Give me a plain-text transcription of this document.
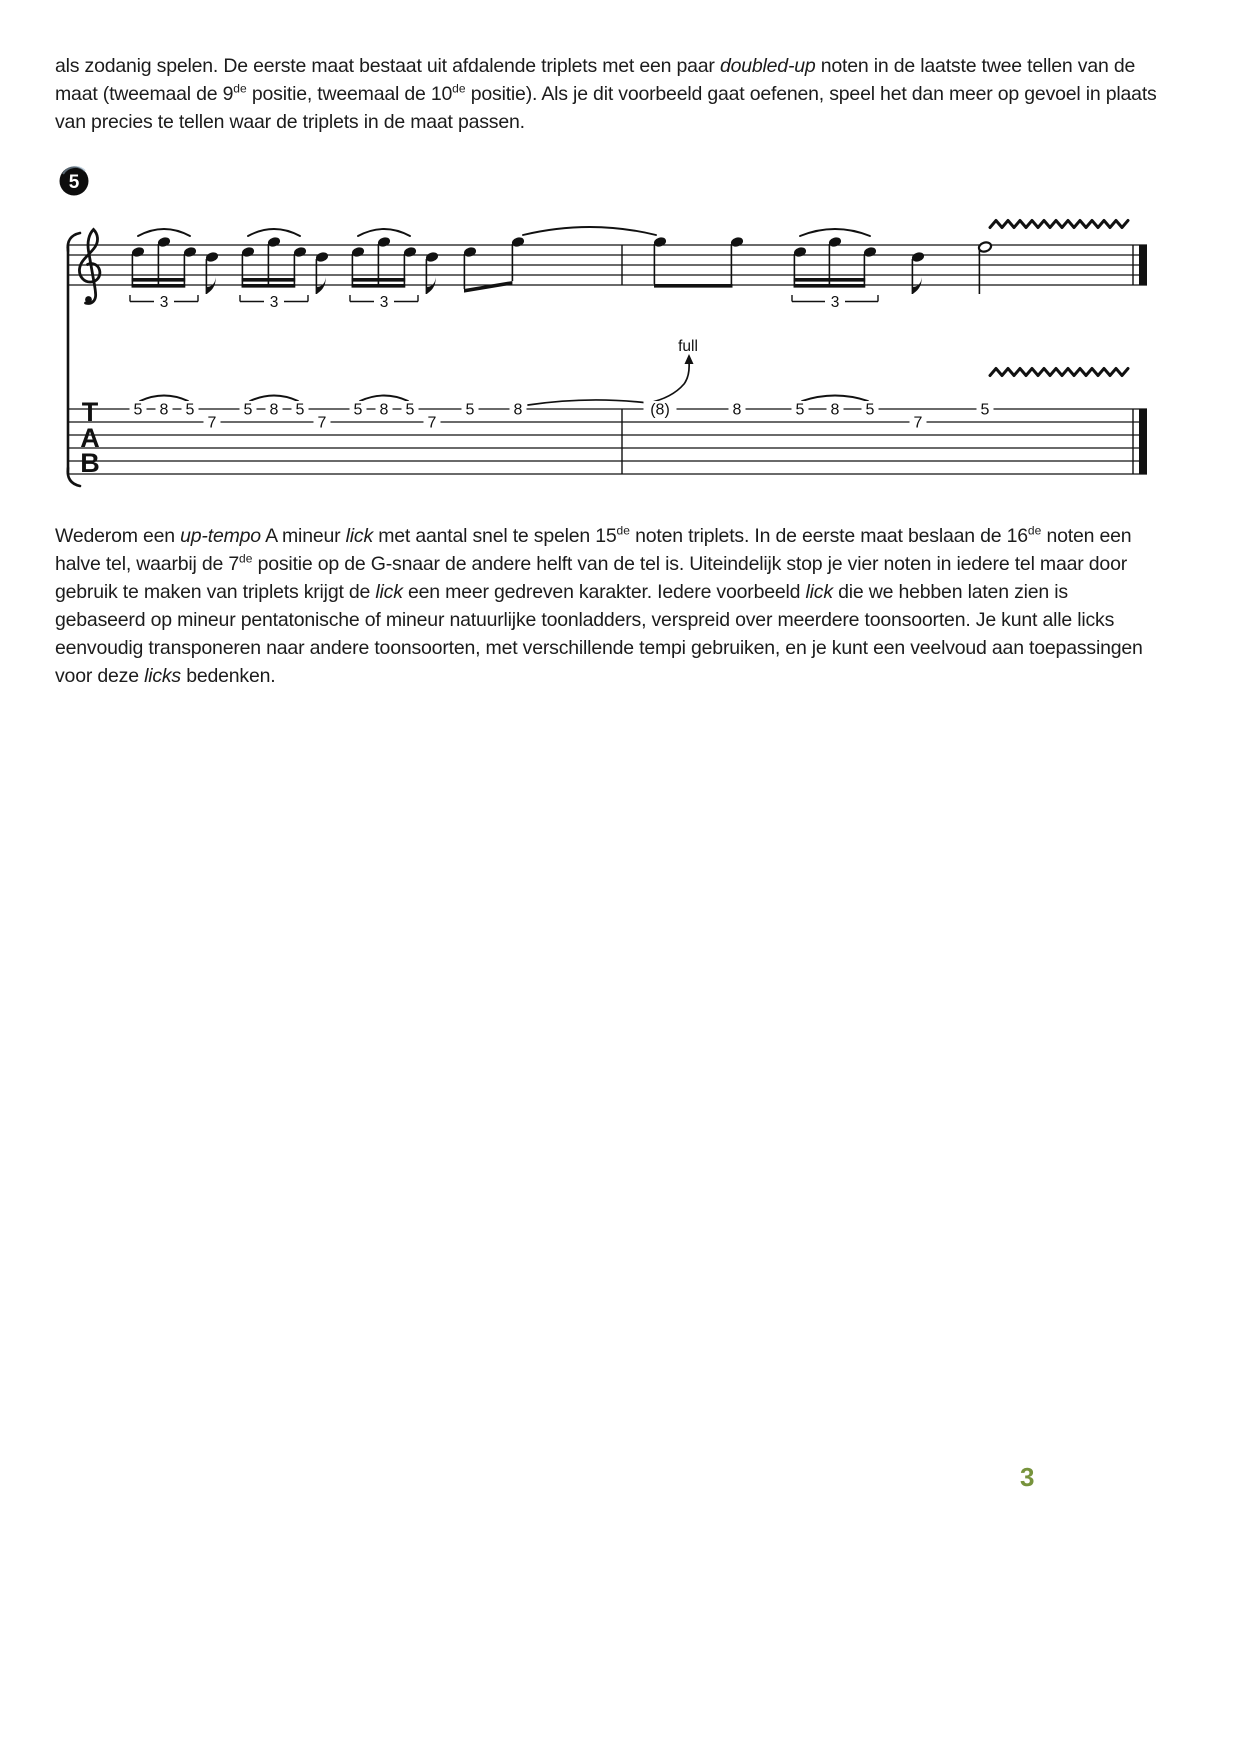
als zodanig spelen. De eerste maat bestaat uit afdalende triplets met een paar doubled-up noten in de laatste twee tellen van de maat (tweemaal de 9de positie, tweemaal de 10de positie). Als je dit voorbeeld gaat oefenen, speel het dan meer op gevoel in plaats van precies te tellen waar de triplets in de maat passen.
5
T
A
B
full
5 8 5	5 8 5	5 8 5	5 8	(8)	8	5 8 5	5
7	7	7	7
3	3	3	3
Wederom een up-tempo A mineur lick met aantal snel te spelen 15de noten triplets. In de eerste maat beslaan de 16de noten een halve tel, waarbij de 7de positie op de G-snaar de andere helft van de tel is. Uiteindelijk stop je vier noten in iedere tel maar door gebruik te maken van triplets krijgt de lick een meer gedreven karakter. Iedere voorbeeld lick die we hebben laten zien is gebaseerd op mineur pentatonische of mineur natuurlijke toonladders, verspreid over meerdere toonsoorten. Je kunt alle licks eenvoudig transponeren naar andere toonsoorten, met verschillende tempi gebruiken, en je kunt een veelvoud aan toepassingen voor deze licks bedenken.
3
